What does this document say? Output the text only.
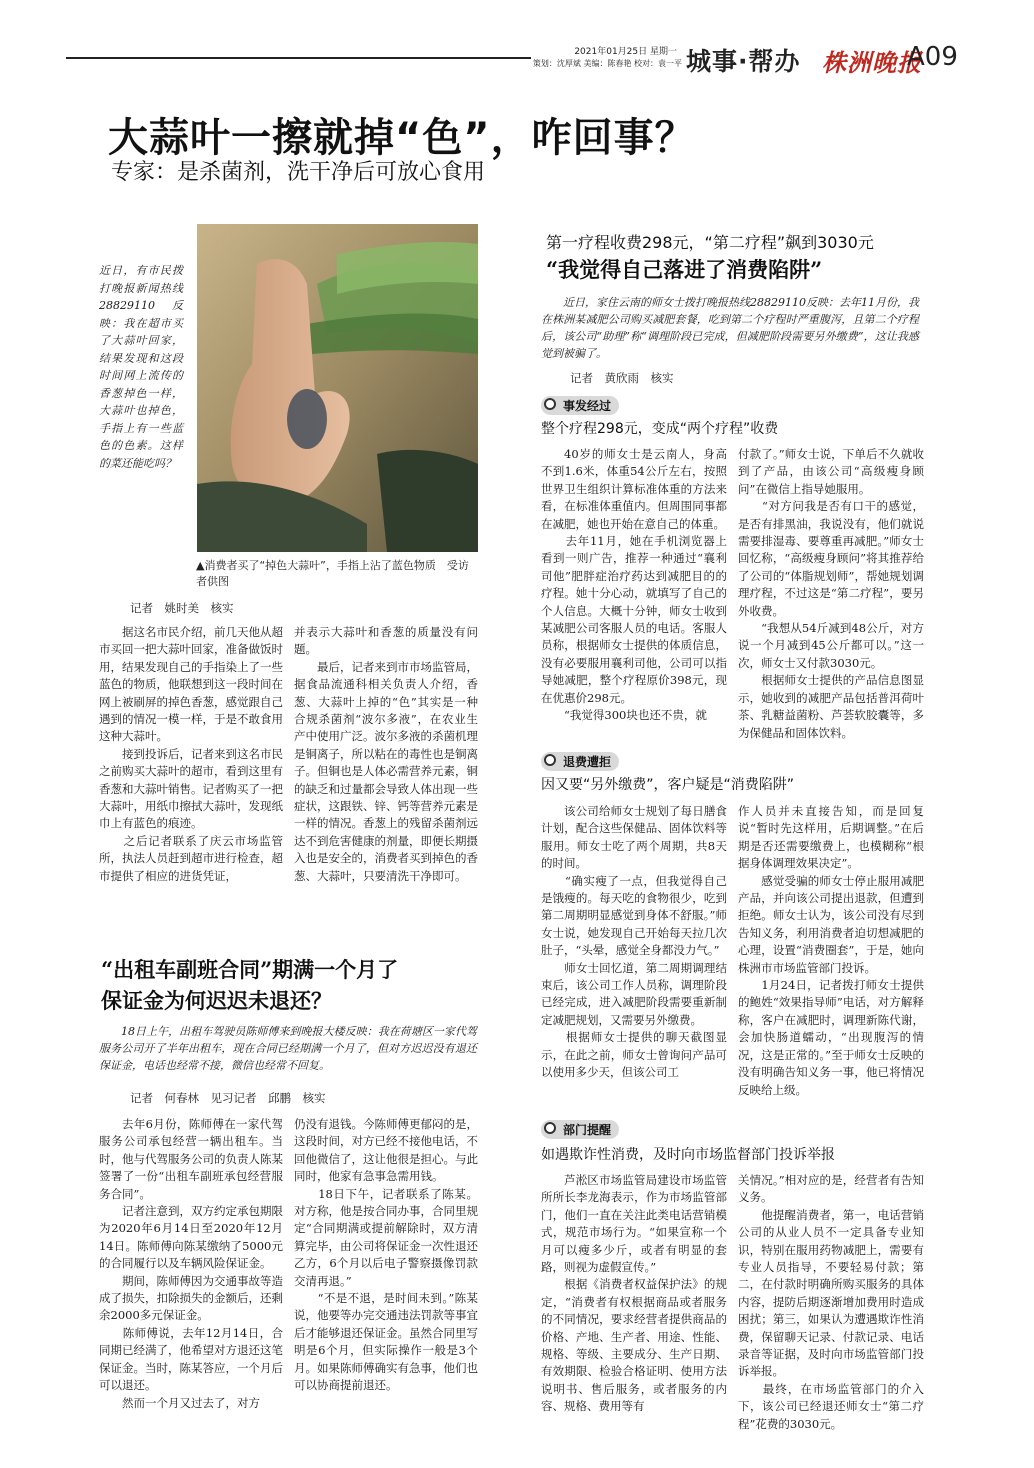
2021年01月25日 星期一
策划：沈厚斌 美编：陈春艳 校对：袁一平 城事·帮办 株洲晚报
A09
大蒜叶一擦就掉“色”，咋回事？
专家：是杀菌剂，洗干净后可放心食用
近日，有市民拨打晚报新闻热线28829110反映：我在超市买了大蒜叶回家，结果发现和这段时间网上流传的香葱掉色一样，大蒜叶也掉色，手指上有一些蓝色的色素。这样的菜还能吃吗？
▲消费者买了“掉色大蒜叶”，手指上沾了蓝色物质　受访者供图
记者　姚时美　核实
据这名市民介绍，前几天他从超市买回一把大蒜叶回家，准备做饭时用，结果发现自己的手指染上了一些蓝色的物质，他联想到这一段时间在网上被刷屏的掉色香葱，感觉跟自己遇到的情况一模一样，于是不敢食用这种大蒜叶。
　　接到投诉后，记者来到这名市民之前购买大蒜叶的超市，看到这里有香葱和大蒜叶销售。记者购买了一把大蒜叶，用纸巾擦拭大蒜叶，发现纸巾上有蓝色的痕迹。
　　之后记者联系了庆云市场监管所，执法人员赶到超市进行检查，超市提供了相应的进货凭证，
并表示大蒜叶和香葱的质量没有问题。
　　最后，记者来到市市场监管局，据食品流通科相关负责人介绍，香葱、大蒜叶上掉的“色”其实是一种合规杀菌剂“波尔多液”，在农业生产中使用广泛。波尔多液的杀菌机理是铜离子，所以粘在的毒性也是铜离子。但铜也是人体必需营养元素，铜的缺乏和过量都会导致人体出现一些症状，这跟铁、锌、钙等营养元素是一样的情况。香葱上的残留杀菌剂远达不到危害健康的剂量，即便长期摄入也是安全的，消费者买到掉色的香葱、大蒜叶，只要清洗干净即可。
“出租车副班合同”期满一个月了
保证金为何迟迟未退还？
18日上午，出租车驾驶员陈师傅来到晚报大楼反映：我在荷塘区一家代驾服务公司开了半年出租车，现在合同已经期满一个月了，但对方迟迟没有退还保证金，电话也经常不接，微信也经常不回复。
记者　何春林　见习记者　邱鹏　核实
去年6月份，陈师傅在一家代驾服务公司承包经营一辆出租车。当时，他与代驾服务公司的负责人陈某签署了一份“出租车副班承包经营服务合同”。
　　记者注意到，双方约定承包期限为2020年6月14日至2020年12月14日。陈师傅向陈某缴纳了5000元的合同履行以及车辆风险保证金。
　　期间，陈师傅因为交通事故等造成了损失，扣除损失的金额后，还剩余2000多元保证金。
　　陈师傅说，去年12月14日，合同期已经满了，他希望对方退还这笔保证金。当时，陈某答应，一个月后可以退还。
　　然而一个月又过去了，对方
仍没有退钱。今陈师傅更郁闷的是，这段时间，对方已经不接他电话，不回他微信了，这让他很是担心。与此同时，他家有急事急需用钱。
　　18日下午，记者联系了陈某。对方称，他是按合同办事，合同里规定“合同期满或提前解除时，双方清算完毕，由公司将保证金一次性退还乙方，6个月以后电子警察摄像罚款交清再退。”
　　“不是不退，是时间未到。”陈某说，他要等办完交通违法罚款等事宜后才能够退还保证金。虽然合同里写明是6个月，但实际操作一般是3个月。如果陈师傅确实有急事，他们也可以协商提前退还。
第一疗程收费298元，“第二疗程”飙到3030元
“我觉得自己落进了消费陷阱”
近日，家住云南的师女士拨打晚报热线28829110反映：去年11月份，我在株洲某减肥公司购买减肥套餐，吃到第二个疗程时严重腹泻，且第二个疗程后，该公司“助理”称“调理阶段已完成，但减肥阶段需要另外缴费”，这让我感觉到被骗了。
记者　黄欣雨　核实
事发经过
整个疗程298元，变成“两个疗程”收费
40岁的师女士是云南人，身高不到1.6米，体重54公斤左右，按照世界卫生组织计算标准体重的方法来看，在标准体重值内。但周围同事都在减肥，她也开始在意自己的体重。
　　去年11月，她在手机浏览器上看到一则广告，推荐一种通过“襄利司他”肥胖症治疗药达到减肥目的的疗程。她十分心动，就填写了自己的个人信息。大概十分钟，师女士收到某减肥公司客服人员的电话。客服人员称，根据师女士提供的体质信息，没有必要服用襄利司他，公司可以指导她减肥，整个疗程原价398元，现在优惠价298元。
　　“我觉得300块也还不贵，就
付款了。”师女士说，下单后不久就收到了产品，由该公司“高级瘦身顾问”在微信上指导她服用。
　　“对方问我是否有口干的感觉，是否有排黑油，我说没有，他们就说需要排湿毒、要尊重再减肥。”师女士回忆称，“高级瘦身顾问”将其推荐给了公司的“体脂规划师”，帮她规划调理疗程，不过这是“第二疗程”，要另外收费。
　　“我想从54斤减到48公斤，对方说一个月减到45公斤都可以。”这一次，师女士又付款3030元。
　　根据师女士提供的产品信息图显示，她收到的减肥产品包括普洱荷叶茶、乳糖益菌粉、芦荟软胶囊等，多为保健品和固体饮料。
退费遭拒
因又要“另外缴费”，客户疑是“消费陷阱”
该公司给师女士规划了每日膳食计划，配合这些保健品、固体饮料等服用。师女士吃了两个周期，共8天的时间。
　　“确实瘦了一点，但我觉得自己是饿瘦的。每天吃的食物很少，吃到第二周期明显感觉到身体不舒服。”师女士说，她发现自己开始每天拉几次肚子，“头晕，感觉全身都没力气。”
　　师女士回忆道，第二周期调理结束后，该公司工作人员称，调理阶段已经完成，进入减肥阶段需要重新制定减肥规划，又需要另外缴费。
　　根据师女士提供的聊天截图显示，在此之前，师女士曾询问产品可以使用多少天，但该公司工
作人员并未直接告知，而是回复说“暂时先这样用，后期调整。”在后期是否还需要缴费上，也模糊称“根据身体调理效果决定”。
　　感觉受骗的师女士停止服用减肥产品，并向该公司提出退款，但遭到拒绝。师女士认为，该公司没有尽到告知义务，利用消费者迫切想减肥的心理，设置“消费圈套”，于是，她向株洲市市场监管部门投诉。
　　1月24日，记者拨打师女士提供的鲍姓“效果指导师”电话，对方解释称，客户在减肥时，调理新陈代谢，会加快肠道蠕动，“出现腹泻的情况，这是正常的。”至于师女士反映的没有明确告知义务一事，他已将情况反映给上级。
部门提醒
如遇欺诈性消费，及时向市场监督部门投诉举报
芦淞区市场监管局建设市场监管所所长李龙海表示，作为市场监管部门，他们一直在关注此类电话营销模式，规范市场行为。“如果宣称一个月可以瘦多少斤，或者有明显的套路，则视为虚假宣传。”
　　根据《消费者权益保护法》的规定，“消费者有权根据商品或者服务的不同情况，要求经营者提供商品的价格、产地、生产者、用途、性能、规格、等级、主要成分、生产日期、有效期限、检验合格证明、使用方法说明书、售后服务，或者服务的内容、规格、费用等有
关情况。”相对应的是，经营者有告知义务。
　　他提醒消费者，第一，电话营销公司的从业人员不一定具备专业知识，特别在服用药物减肥上，需要有专业人员指导，不要轻易付款；第二，在付款时明确所购买服务的具体内容，提防后期逐渐增加费用时造成困扰；第三，如果认为遭遇欺诈性消费，保留聊天记录、付款记录、电话录音等证据，及时向市场监管部门投诉举报。
　　最终，在市场监管部门的介入下，该公司已经退还师女士“第二疗程”花费的3030元。
